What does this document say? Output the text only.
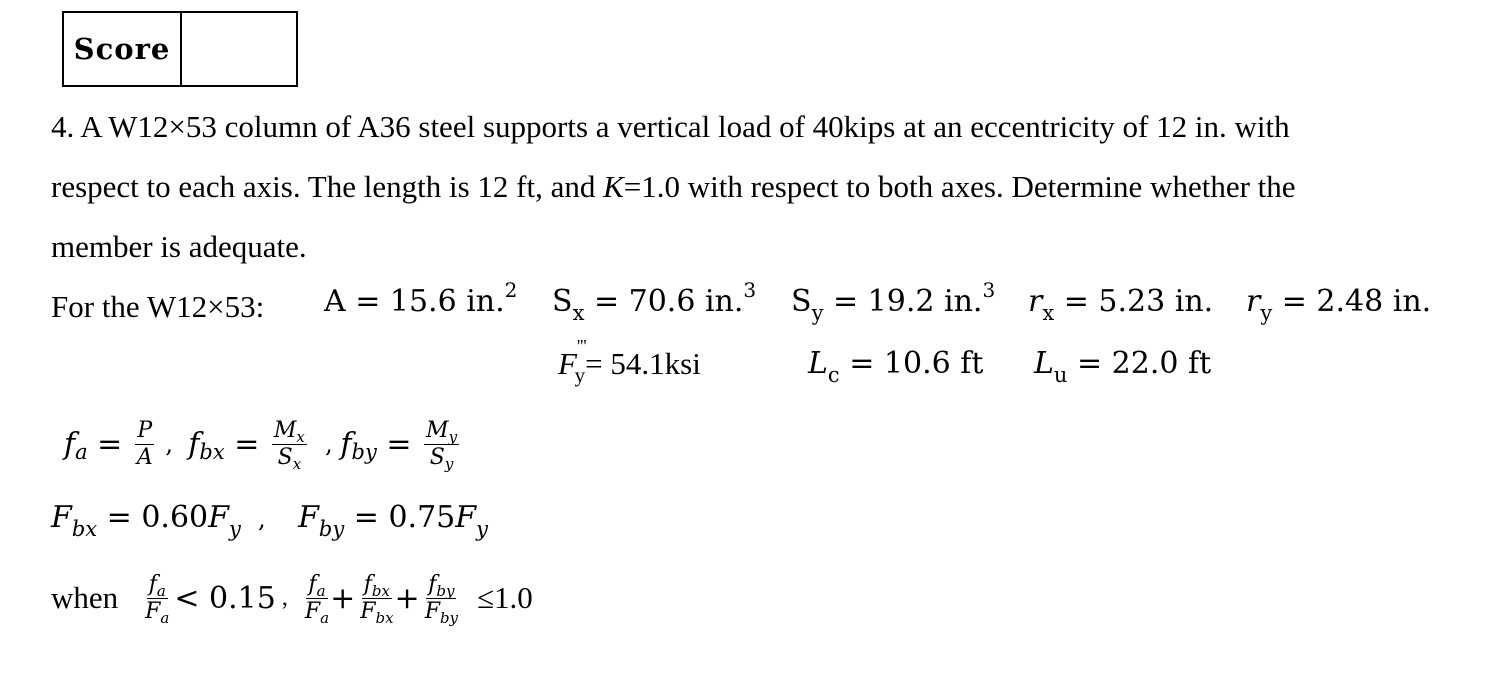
Score
4. A W12×53 column of A36 steel supports a vertical load of 40kips at an eccentricity of 12 in. with
respect to each axis. The length is 12 ft, and K=1.0 with respect to both axes. Determine whether the
member is adequate.
For the W12×53: A = 15.6 in.$^2$ $S_x = 70.6$ in.$^3$ $S_y = 19.2$ in.$^3$ $r_x = 5.23$ in. $r_y = 2.48$ in.
$F'''_y= 54.1ksi$	$L_c = 10.6$ ft $L_u = 22.0$ ft
$f_a = \frac{P}{A}$ , $f_{bx} = \frac{M_x}{S_x}$ , $f_{by} = \frac{M_y}{S_y}$
$F_{bx} = 0.60F_y$  ,    $F_{by} = 0.75F_y$
when $\frac{f_a}{F_a} < 0.15$ , $\frac{f_a}{F_a} + \frac{f_{bx}}{F_{bx}} + \frac{f_{by}}{F_{by}} \le 1.0$
